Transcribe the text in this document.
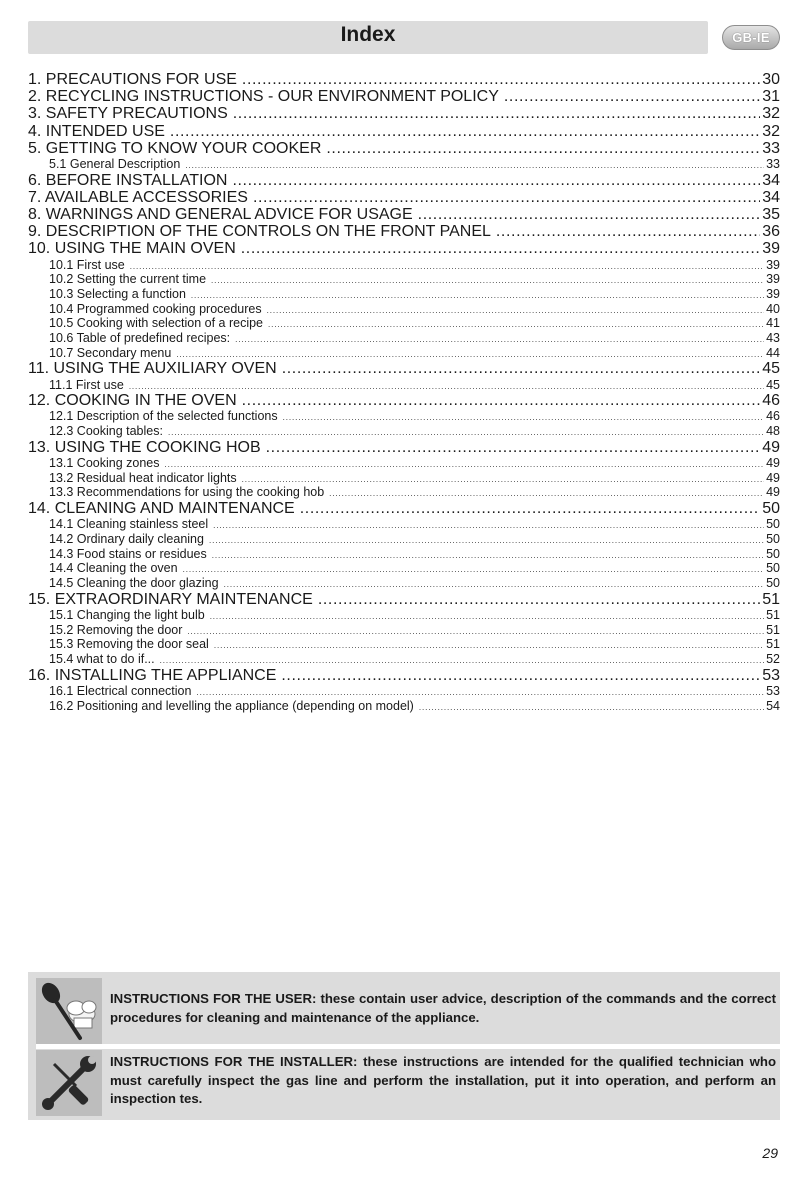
Index	GB-IE
1. PRECAUTIONS FOR USE .....	30
2. RECYCLING INSTRUCTIONS - OUR ENVIRONMENT POLICY .....	31
3. SAFETY PRECAUTIONS .....	32
4. INTENDED USE .....	32
5. GETTING TO KNOW YOUR COOKER .....	33
5.1 General Description .....	33
6. BEFORE INSTALLATION .....	34
7. AVAILABLE ACCESSORIES .....	34
8. WARNINGS AND GENERAL ADVICE FOR USAGE .....	35
9. DESCRIPTION OF THE CONTROLS ON THE FRONT PANEL .....	36
10. USING THE MAIN OVEN .....	39
10.1 First use .....	39
10.2 Setting the current time .....	39
10.3 Selecting a function .....	39
10.4 Programmed cooking procedures .....	40
10.5 Cooking with selection of a recipe .....	41
10.6 Table of predefined recipes: .....	43
10.7 Secondary menu .....	44
11. USING THE AUXILIARY OVEN .....	45
11.1 First use .....	45
12. COOKING IN THE OVEN .....	46
12.1 Description of the selected functions .....	46
12.3 Cooking tables: .....	48
13. USING THE COOKING HOB .....	49
13.1 Cooking zones .....	49
13.2 Residual heat indicator lights .....	49
13.3 Recommendations for using the cooking hob .....	49
14. CLEANING AND MAINTENANCE .....	50
14.1 Cleaning stainless steel .....	50
14.2 Ordinary daily cleaning .....	50
14.3 Food stains or residues .....	50
14.4 Cleaning the oven .....	50
14.5 Cleaning the door glazing .....	50
15. EXTRAORDINARY MAINTENANCE .....	51
15.1 Changing the light bulb .....	51
15.2 Removing the door .....	51
15.3 Removing the door seal .....	51
15.4 what to do if... .....	52
16. INSTALLING THE APPLIANCE .....	53
16.1 Electrical connection .....	53
16.2 Positioning and levelling the appliance (depending on model) .....	54
INSTRUCTIONS FOR THE USER: these contain user advice, description of the commands and the correct procedures for cleaning and maintenance of the appliance.
INSTRUCTIONS FOR THE INSTALLER: these instructions are intended for the qualified technician who must carefully inspect the gas line and perform the installation, put it into operation, and perform an inspection tes.
29
